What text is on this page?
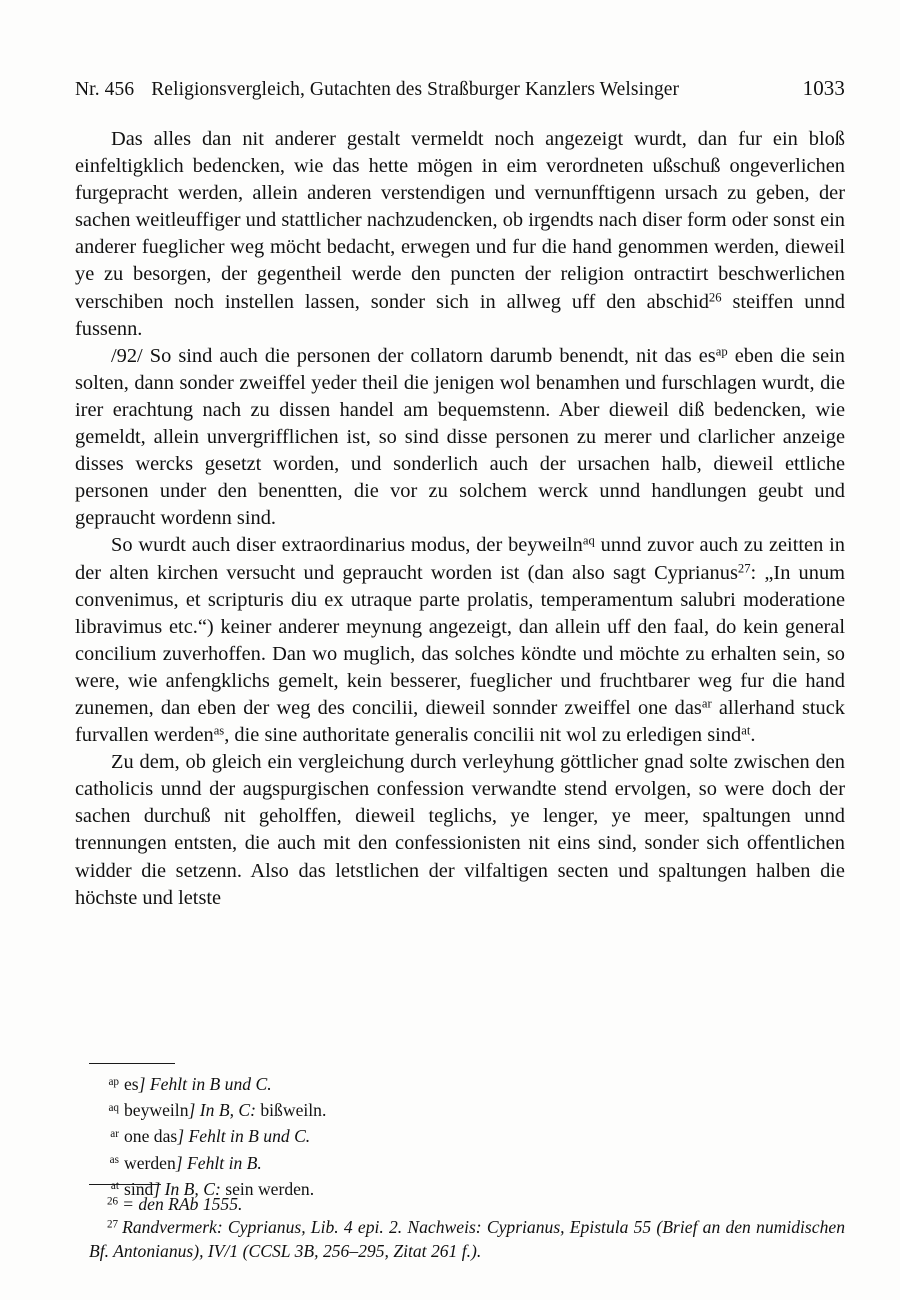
Nr. 456 Religionsvergleich, Gutachten des Straßburger Kanzlers Welsinger	1033

Das alles dan nit anderer gestalt vermeldt noch angezeigt wurdt, dan fur ein bloß einfeltigklich bedencken, wie das hette mögen in eim verordneten ußschuß ongeverlichen furgepracht werden, allein anderen verstendigen und vernunfftigenn ursach zu geben, der sachen weitleuffiger und stattlicher nachzudencken, ob irgendts nach diser form oder sonst ein anderer fueglicher weg möcht bedacht, erwegen und fur die hand genommen werden, dieweil ye zu besorgen, der gegentheil werde den puncten der religion ontractirt beschwerlichen verschiben noch instellen lassen, sonder sich in allweg uff den abschid$^{26}$ steiffen unnd fussenn.

/92/ So sind auch die personen der collatorn darumb benendt, nit das $es^{ap}$ eben die sein solten, dann sonder zweiffel yeder theil die jenigen wol benamhen und furschlagen wurdt, die irer erachtung nach zu dissen handel am bequemstenn. Aber dieweil diß bedencken, wie gemeldt, allein unvergrifflichen ist, so sind disse personen zu merer und clarlicher anzeige disses wercks gesetzt worden, und sonderlich auch der ursachen halb, dieweil ettliche personen under den benentten, die vor zu solchem werck unnd handlungen geubt und gepraucht wordenn sind.

So wurdt auch diser extraordinarius modus, der beyweiln$^{aq}$ unnd zuvor auch zu zeitten in der alten kirchen versucht und gepraucht worden ist (dan also sagt Cyprianus$^{27}$: „In unum convenimus, et scripturis diu ex utraque parte prolatis, temperamentum salubri moderatione libravimus etc.“) keiner anderer meynung angezeigt, dan allein uff den faal, do kein general concilium zuverhoffen. Dan wo muglich, das solches köndte und möchte zu erhalten sein, so were, wie anfengklichs gemelt, kein besserer, fueglicher und fruchtbarer weg fur die hand zunemen, dan eben der weg des concilii, dieweil sonnder zweiffel one das$^{ar}$ allerhand stuck furvallen werden$^{as}$, die sine authoritate generalis concilii nit wol zu erledigen sind$^{at}$.

Zu dem, ob gleich ein vergleichung durch verleyhung göttlicher gnad solte zwischen den catholicis unnd der augspurgischen confession verwandte stend ervolgen, so were doch der sachen durchuß nit geholffen, dieweil teglichs, ye lenger, ye meer, spaltungen unnd trennungen entsten, die auch mit den confessionisten nit eins sind, sonder sich offentlichen widder die setzenn. Also das letstlichen der vilfaltigen secten und spaltungen halben die höchste und letste

ap es] Fehlt in B und C.
aq beyweiln] In B, C: bißweiln.
ar one das] Fehlt in B und C.
as werden] Fehlt in B.
at sind] In B, C: sein werden.
$^{26}$ = den RAb 1555.
$^{27}$ Randvermerk: Cyprianus, Lib. 4 epi. 2. Nachweis: Cyprianus, Epistula 55 (Brief an den numidischen Bf. Antonianus), IV/1 (CCSL 3B, 256–295, Zitat 261 f.).
